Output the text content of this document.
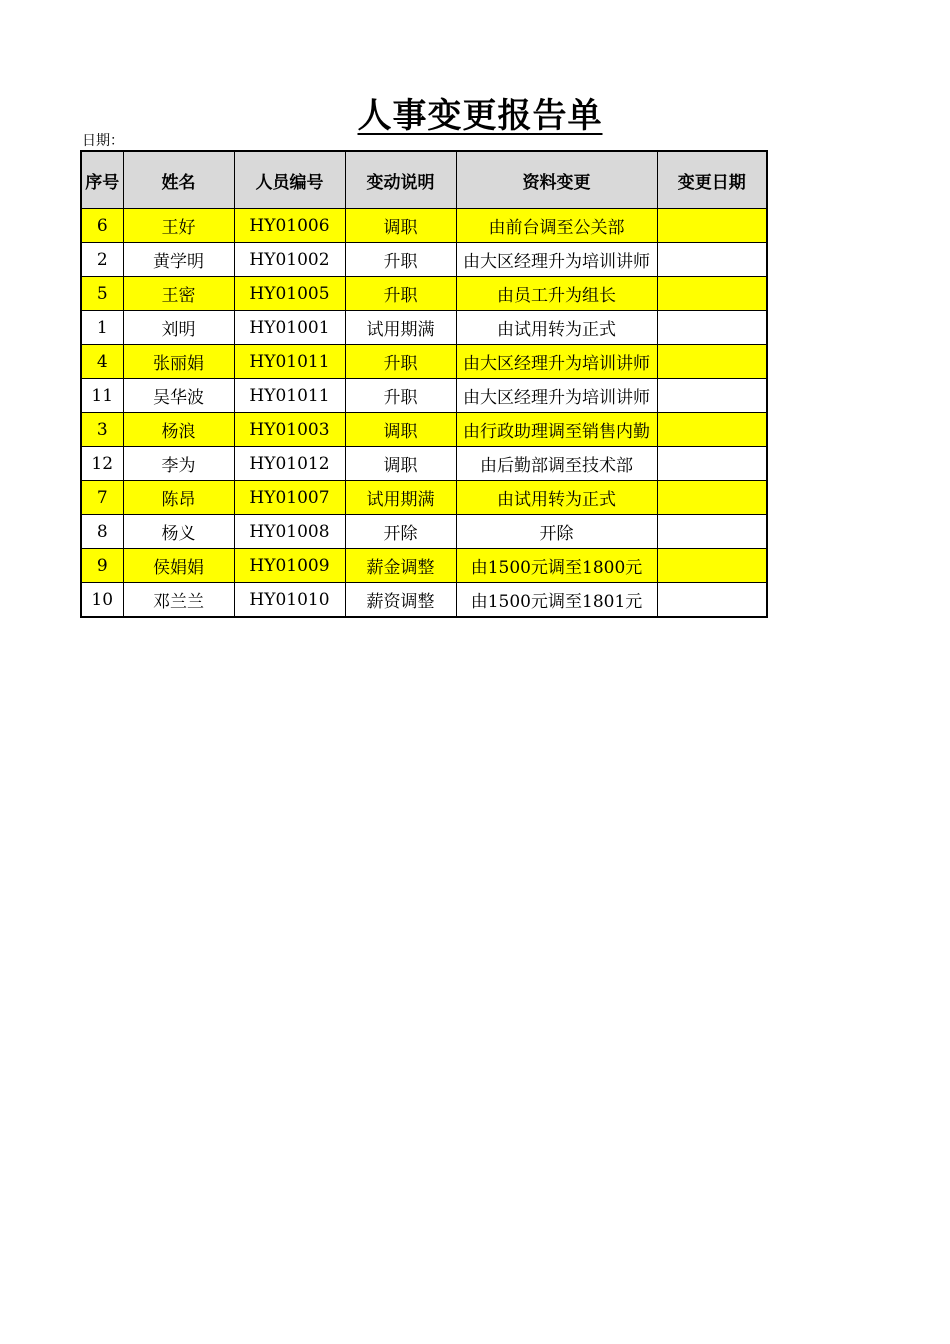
人事变更报告单
日期：
序号	姓名	人员编号	变动说明	资料变更	变更日期
6	王好	HY01006	调职	由前台调至公关部	
2	黄学明	HY01002	升职	由大区经理升为培训讲师	
5	王密	HY01005	升职	由员工升为组长	
1	刘明	HY01001	试用期满	由试用转为正式	
4	张丽娟	HY01011	升职	由大区经理升为培训讲师	
11	吴华波	HY01011	升职	由大区经理升为培训讲师	
3	杨浪	HY01003	调职	由行政助理调至销售内勤	
12	李为	HY01012	调职	由后勤部调至技术部	
7	陈昂	HY01007	试用期满	由试用转为正式	
8	杨义	HY01008	开除	开除	
9	侯娟娟	HY01009	薪金调整	由1500元调至1800元	
10	邓兰兰	HY01010	薪资调整	由1500元调至1801元	
